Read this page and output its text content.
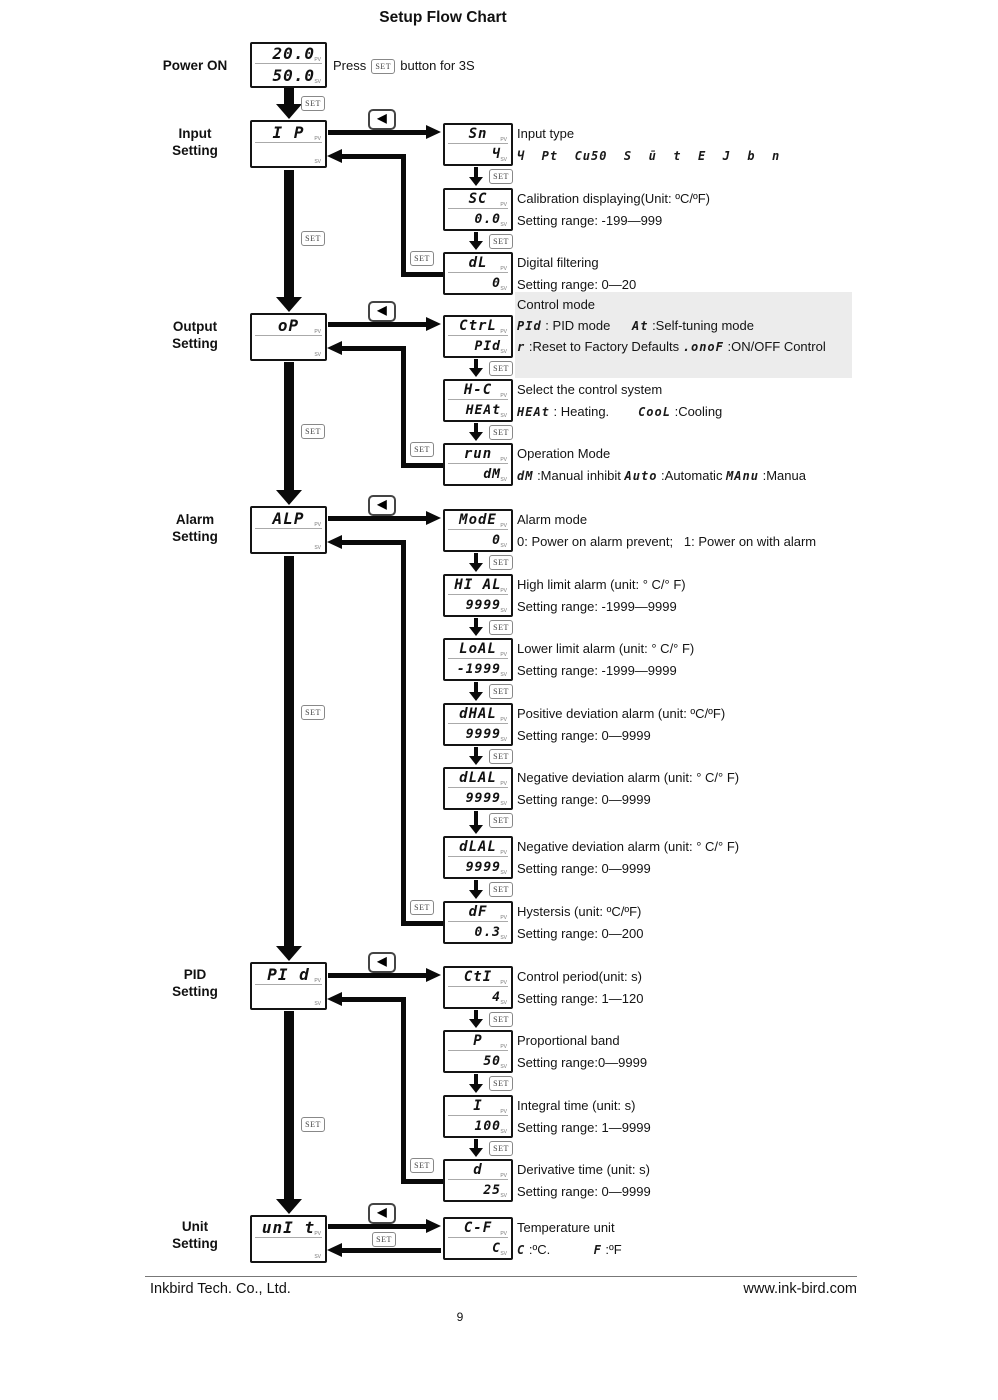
Setup Flow Chart
Power ON	Press	SET button for 3S
20.0 PV
50.0 SV
SET
SET
SET
SET
SET
Input
Setting
I P	PV
SV
◀
SET
Output
Setting
oP	PV
SV
◀
SET
Alarm
Setting
ALP	PV
SV
◀
SET
PID
Setting
PI d PV
SV
◀
SET
Unit
Setting
unI t PV
SV
◀
SET
Sn	PV
Ч SV
Input type
Ч  Pt  Cu50  S  ū  t  E  J  b  n
SC	PV
0.0 SV
Calibration displaying(Unit: ºC/ºF)
Setting range: -199—999
dL	PV
0 SV
Digital filtering
Setting range: 0—20
CtrL PV
PId SV
Control mode
PId : PID mode      At :Self-tuning mode
r :Reset to Factory Defaults .onoF :ON/OFF Control
H-C	PV
HEAt SV
Select the control system
HEAt : Heating.        CooL :Cooling
run	PV
dM SV
Operation Mode
dM :Manual inhibit Auto :Automatic MAnu :Manua
ModE PV
0 SV
Alarm mode
0: Power on alarm prevent;   1: Power on with alarm
HI AL
PV
9999 SV
High limit alarm (unit: ° C/° F)
Setting range: -1999—9999
LoAL PV
-1999 SV
Lower limit alarm (unit: ° C/° F)
Setting range: -1999—9999
dHAL PV
9999 SV
Positive deviation alarm (unit: ºC/ºF)
Setting range: 0—9999
dLAL PV
9999 SV
Negative deviation alarm (unit: ° C/° F)
Setting range: 0—9999
dLAL PV
9999 SV
Negative deviation alarm (unit: ° C/° F)
Setting range: 0—9999
dF	PV
0.3 SV
Hystersis (unit: ºC/ºF)
Setting range: 0—200
CtI	PV
4 SV
Control period(unit: s)
Setting range: 1—120
P	PV
50 SV
Proportional band
Setting range:0—9999
I	PV
100 SV
Integral time (unit: s)
Setting range: 1—9999
d	PV
25 SV
Derivative time (unit: s)
Setting range: 0—9999
C-F	PV
C SV
Temperature unit
C :ºC.            F :ºF
SET
SET
SET
SET
SET
SET
SET
SET
SET
SET
SET
SET
SET
Inkbird Tech. Co., Ltd.	www.ink-bird.com
9
